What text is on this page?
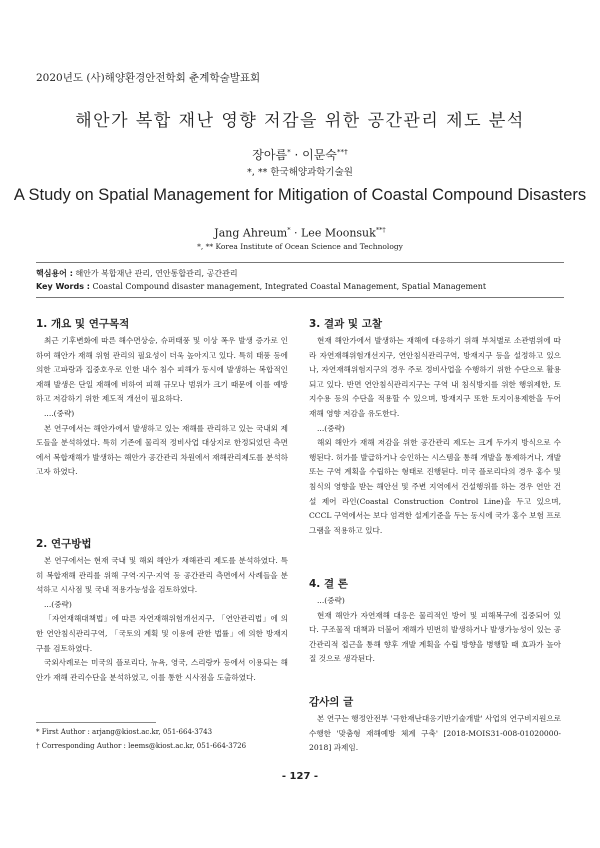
2020년도 (사)해양환경안전학회 춘계학술발표회
해안가 복합 재난 영향 저감을 위한 공간관리 제도 분석
장아름* · 이문숙**†
*, ** 한국해양과학기술원
A Study on Spatial Management for Mitigation of Coastal Compound Disasters
Jang Ahreum* · Lee Moonsuk**†
*, ** Korea Institute of Ocean Science and Technology
핵심용어 : 해안가 복합재난 관리, 연안통합관리, 공간관리
Key Words : Coastal Compound disaster management, Integrated Coastal Management, Spatial Management
1. 개요 및 연구목적

최근 기후변화에 따른 해수면상승, 슈퍼태풍 및 이상 폭우 발생 증가로 인하여 해안가 재해 위험 관리의 필요성이 더욱 높아지고 있다. 특히 태풍 등에 의한 고파랑과 집중호우로 인한 내수 침수 피해가 동시에 발생하는 복합적인 재해 발생은 단일 재해에 비하여 피해 규모나 범위가 크기 때문에 이를 예방하고 저감하기 위한 제도적 개선이 필요하다.

....(중략)

본 연구에서는 해안가에서 발생하고 있는 재해를 관리하고 있는 국내외 제도들을 분석하였다. 특히 기존에 물리적 정비사업 대상지로 한정되었던 측면에서 복합재해가 발생하는 해안가 공간관리 차원에서 재해관리제도를 분석하고자 하였다.

2. 연구방법

본 연구에서는 현재 국내 및 해외 해안가 재해관리 제도를 분석하였다. 특히 복합재해 관리를 위해 구역·지구·지역 등 공간관리 측면에서 사례들을 분석하고 시사점 및 국내 적용가능성을 검토하였다.

...(중략)

「자연재해대책법」에 따른 자연재해위험개선지구, 「연안관리법」에 의한 연안침식관리구역, 「국토의 계획 및 이용에 관한 법률」에 의한 방재지구를 검토하였다.

국외사례로는 미국의 플로리다, 뉴욕, 영국, 스리랑카 등에서 이용되는 해안가 재해 관리수단을 분석하였고, 이를 통한 시사점을 도출하였다.

* First Author : arjang@kiost.ac.kr, 051-664-3743
† Corresponding Author : leems@kiost.ac.kr, 051-664-3726
3. 결과 및 고찰

현재 해안가에서 발생하는 재해에 대응하기 위해 부처별로 소관범위에 따라 자연재해위험개선지구, 연안침식관리구역, 방재지구 등을 설정하고 있으나, 자연재해위험지구의 경우 주로 정비사업을 수행하기 위한 수단으로 활용되고 있다. 반면 연안침식관리지구는 구역 내 침식방지를 위한 행위제한, 토지수용 등의 수단을 적용할 수 있으며, 방재지구 또한 토지이용제한을 두어 재해 영향 저감을 유도한다.

...(중략)

해외 해안가 재해 저감을 위한 공간관리 제도는 크게 두가지 방식으로 수행된다. 허가를 발급하거나 승인하는 시스템을 통해 개발을 통제하거나, 개발 또는 구역 계획을 수립하는 형태로 진행된다. 미국 플로리다의 경우 홍수 및 침식의 영향을 받는 해안선 및 주변 지역에서 건설행위를 하는 경우 연안 건설 제어 라인(Coastal Construction Control Line)을 두고 있으며, CCCL 구역에서는 보다 엄격한 설계기준을 두는 동시에 국가 홍수 보험 프로그램을 적용하고 있다.

4. 결 론

...(중략)

현재 해안가 자연재해 대응은 물리적인 방어 및 피해복구에 집중되어 있다. 구조물적 대책과 더불어 재해가 빈번히 발생하거나 발생가능성이 있는 공간관리적 접근을 통해 향후 개발 계획을 수립 방향을 병행할 때 효과가 높아질 것으로 생각된다.

감사의 글

본 연구는 행정안전부 '극한재난대응기반기술개발' 사업의 연구비지원으로 수행한 '맞춤형 재해예방 체계 구축' [2018-MOIS31-008-01020000-2018] 과제임.

- 127 -
